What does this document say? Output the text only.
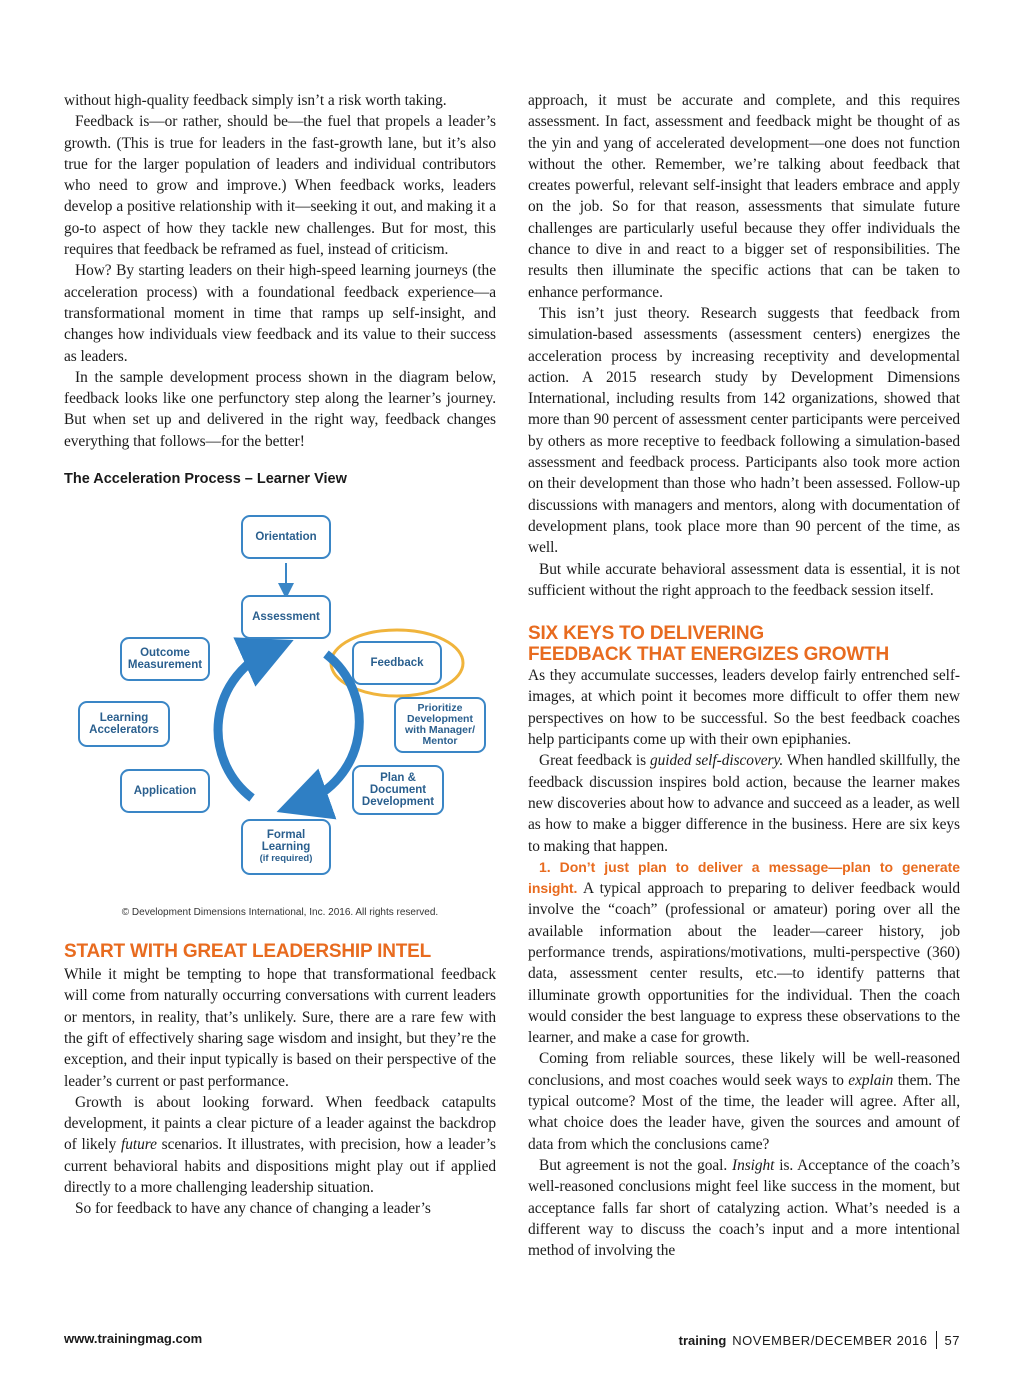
without high-quality feedback simply isn’t a risk worth taking.

Feedback is—or rather, should be—the fuel that propels a leader’s growth. (This is true for leaders in the fast-growth lane, but it’s also true for the larger population of leaders and individual contributors who need to grow and improve.) When feedback works, leaders develop a positive relationship with it—seeking it out, and making it a go-to aspect of how they tackle new challenges. But for most, this requires that feedback be reframed as fuel, instead of criticism.

How? By starting leaders on their high-speed learning journeys (the acceleration process) with a foundational feedback experience—a transformational moment in time that ramps up self-insight, and changes how individuals view feedback and its value to their success as leaders.

In the sample development process shown in the diagram below, feedback looks like one perfunctory step along the learner’s journey. But when set up and delivered in the right way, feedback changes everything that follows—for the better!

The Acceleration Process – Learner View
Orientation
Assessment
Feedback
Outcome
Measurement
Learning
Accelerators
Prioritize
Development
with Manager/
Mentor
Application
Plan &
Document
Development
Formal
Learning
(if required)
© Development Dimensions International, Inc. 2016. All rights reserved.
START WITH GREAT LEADERSHIP INTEL

While it might be tempting to hope that transformational feedback will come from naturally occurring conversations with current leaders or mentors, in reality, that’s unlikely. Sure, there are a rare few with the gift of effectively sharing sage wisdom and insight, but they’re the exception, and their input typically is based on their perspective of the leader’s current or past performance.

Growth is about looking forward. When feedback catapults development, it paints a clear picture of a leader against the backdrop of likely future scenarios. It illustrates, with precision, how a leader’s current behavioral habits and dispositions might play out if applied directly to a more challenging leadership situation.

So for feedback to have any chance of changing a leader’s

approach, it must be accurate and complete, and this requires assessment. In fact, assessment and feedback might be thought of as the yin and yang of accelerated development—one does not function without the other. Remember, we’re talking about feedback that creates powerful, relevant self-insight that leaders embrace and apply on the job. So for that reason, assessments that simulate future challenges are particularly useful because they offer individuals the chance to dive in and react to a bigger set of responsibilities. The results then illuminate the specific actions that can be taken to enhance performance.

This isn’t just theory. Research suggests that feedback from simulation-based assessments (assessment centers) energizes the acceleration process by increasing receptivity and developmental action. A 2015 research study by Development Dimensions International, including results from 142 organizations, showed that more than 90 percent of assessment center participants were perceived by others as more receptive to feedback following a simulation-based assessment and feedback process. Participants also took more action on their development than those who hadn’t been assessed. Follow-up discussions with managers and mentors, along with documentation of development plans, took place more than 90 percent of the time, as well.

But while accurate behavioral assessment data is essential, it is not sufficient without the right approach to the feedback session itself.

SIX KEYS TO DELIVERING
FEEDBACK THAT ENERGIZES GROWTH

As they accumulate successes, leaders develop fairly entrenched self-images, at which point it becomes more difficult to offer them new perspectives on how to be successful. So the best feedback coaches help participants come up with their own epiphanies.

Great feedback is guided self-discovery. When handled skillfully, the feedback discussion inspires bold action, because the learner makes new discoveries about how to advance and succeed as a leader, as well as how to make a bigger difference in the business. Here are six keys to making that happen.

1. Don’t just plan to deliver a message—plan to generate insight. A typical approach to preparing to deliver feedback would involve the “coach” (professional or amateur) poring over all the available information about the leader—career history, job performance trends, aspirations/motivations, multi-perspective (360) data, assessment center results, etc.—to identify patterns that illuminate growth opportunities for the individual. Then the coach would consider the best language to express these observations to the learner, and make a case for growth.

Coming from reliable sources, these likely will be well-reasoned conclusions, and most coaches would seek ways to explain them. The typical outcome? Most of the time, the leader will agree. After all, what choice does the leader have, given the sources and amount of data from which the conclusions came?

But agreement is not the goal. Insight is. Acceptance of the coach’s well-reasoned conclusions might feel like success in the moment, but acceptance falls far short of catalyzing action. What’s needed is a different way to discuss the coach’s input and a more intentional method of involving the

www.trainingmag.com	training NOVEMBER/DECEMBER 2016 57
